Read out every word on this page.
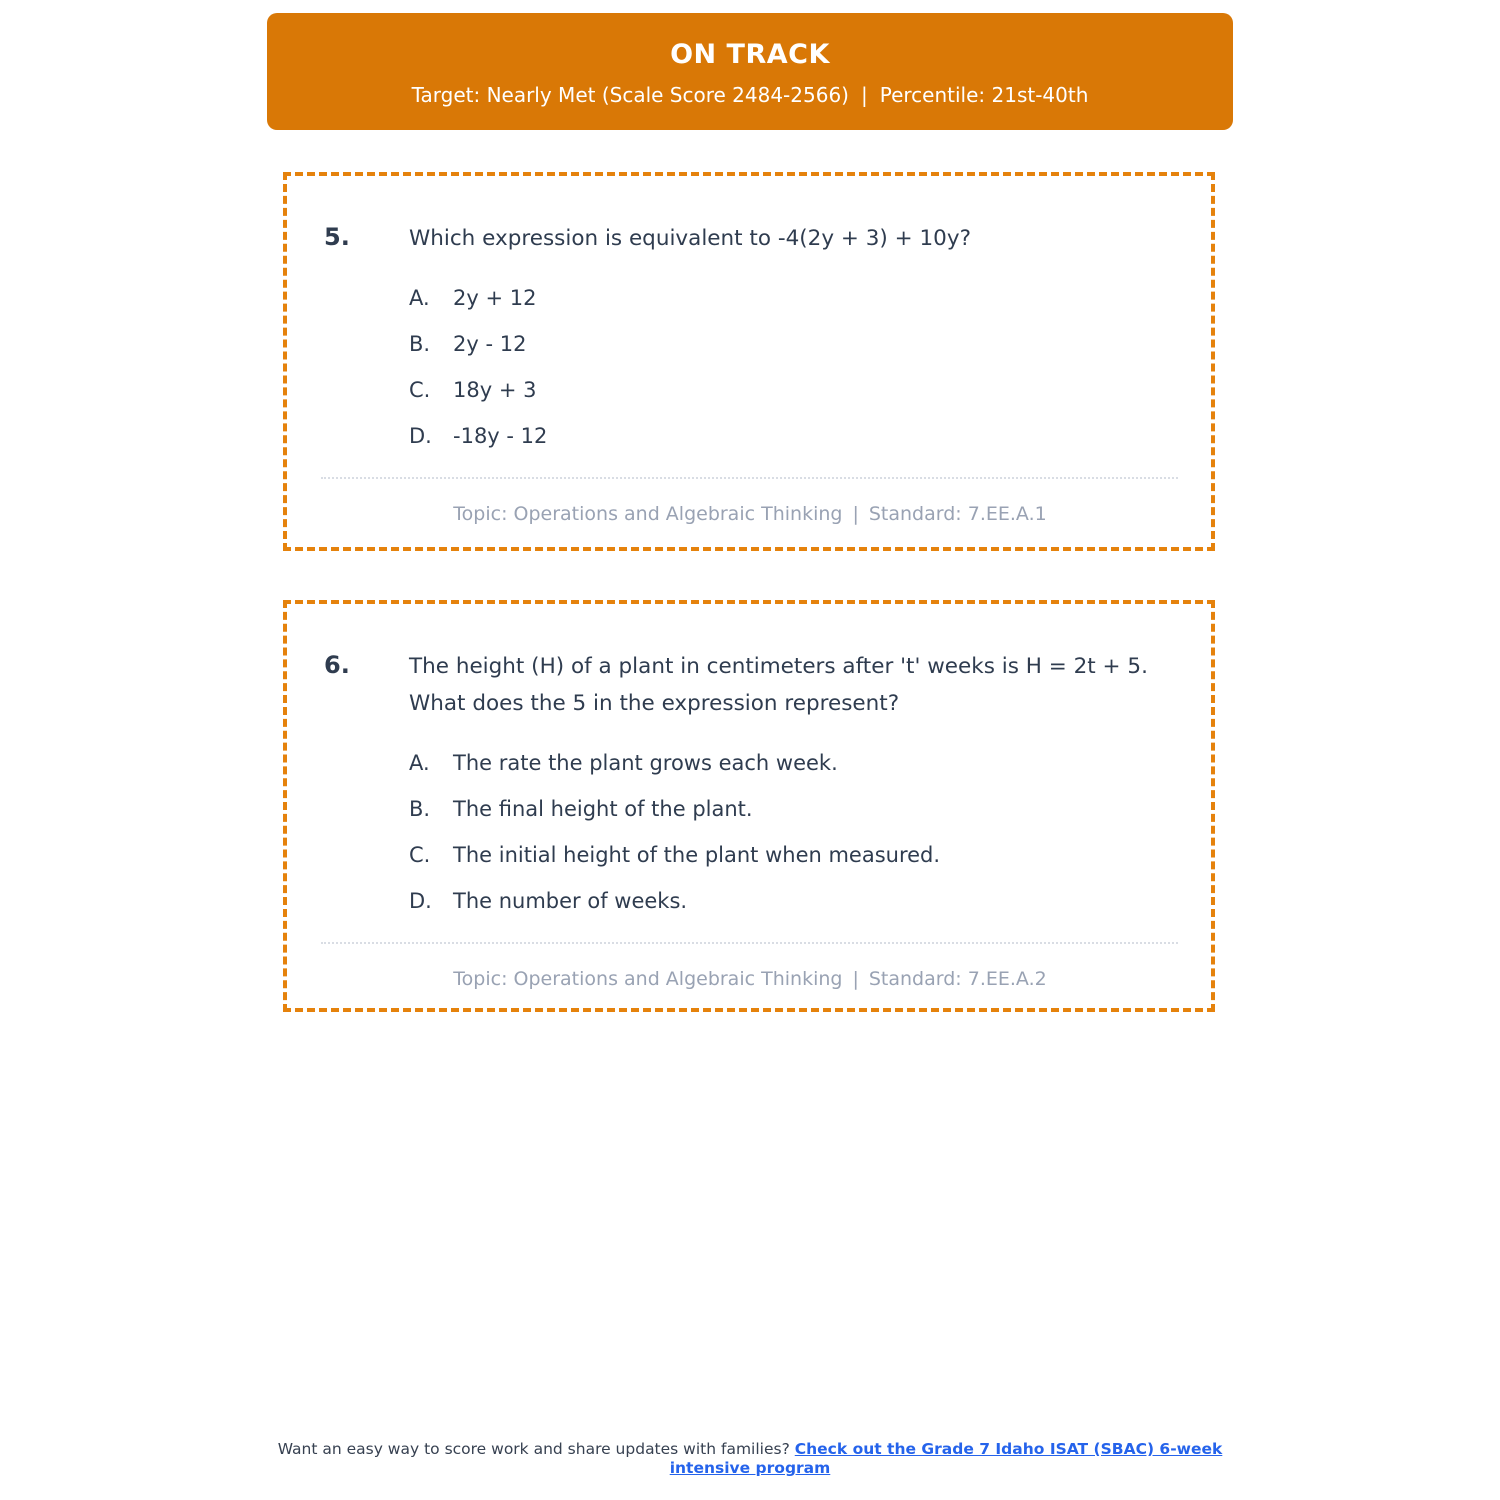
ON TRACK
Target: Nearly Met (Scale Score 2484-2566) | Percentile: 21st-40th
5.	Which expression is equivalent to -4(2y + 3) + 10y?
A.	2y + 12
B.	2y - 12
C.	18y + 3
D.	-18y - 12
Topic: Operations and Algebraic Thinking | Standard: 7.EE.A.1
6.	The height (H) of a plant in centimeters after 't' weeks is H = 2t + 5. What does the 5 in the expression represent?
A.	The rate the plant grows each week.
B.	The final height of the plant.
C.	The initial height of the plant when measured.
D.	The number of weeks.
Topic: Operations and Algebraic Thinking | Standard: 7.EE.A.2
Want an easy way to score work and share updates with families? Check out the Grade 7 Idaho ISAT (SBAC) 6-week intensive program
